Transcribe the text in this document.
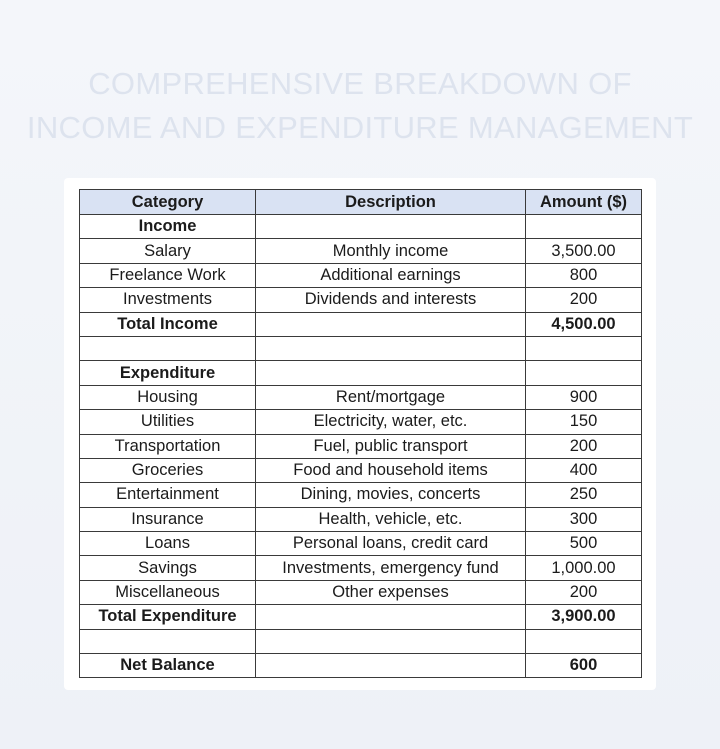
COMPREHENSIVE BREAKDOWN OF
INCOME AND EXPENDITURE MANAGEMENT
Category	Description	Amount ($)
Income		
Salary	Monthly income	3,500.00
Freelance Work	Additional earnings	800
Investments	Dividends and interests	200
Total Income		4,500.00

Expenditure		
Housing	Rent/mortgage	900
Utilities	Electricity, water, etc.	150
Transportation	Fuel, public transport	200
Groceries	Food and household items	400
Entertainment	Dining, movies, concerts	250
Insurance	Health, vehicle, etc.	300
Loans	Personal loans, credit card	500
Savings	Investments, emergency fund	1,000.00
Miscellaneous	Other expenses	200
Total Expenditure		3,900.00

Net Balance		600
